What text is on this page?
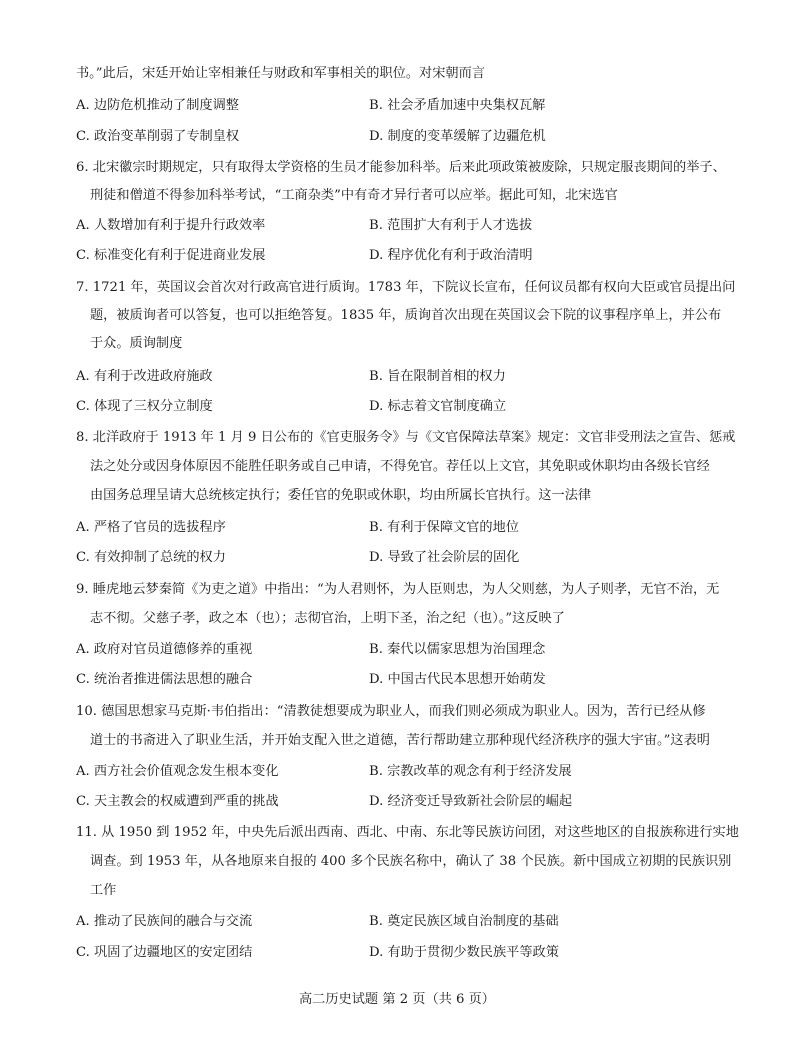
书。”此后，宋廷开始让宰相兼任与财政和军事相关的职位。对宋朝而言
A. 边防危机推动了制度调整	B. 社会矛盾加速中央集权瓦解
C. 政治变革削弱了专制皇权	D. 制度的变革缓解了边疆危机
6. 北宋徽宗时期规定，只有取得太学资格的生员才能参加科举。后来此项政策被废除，只规定服丧期间的举子、
刑徒和僧道不得参加科举考试，“工商杂类”中有奇才异行者可以应举。据此可知，北宋选官
A. 人数增加有利于提升行政效率	B. 范围扩大有利于人才选拔
C. 标准变化有利于促进商业发展	D. 程序优化有利于政治清明
7. 1721 年，英国议会首次对行政高官进行质询。1783 年，下院议长宣布，任何议员都有权向大臣或官员提出问
题，被质询者可以答复，也可以拒绝答复。1835 年，质询首次出现在英国议会下院的议事程序单上，并公布
于众。质询制度
A. 有利于改进政府施政	B. 旨在限制首相的权力
C. 体现了三权分立制度	D. 标志着文官制度确立
8. 北洋政府于 1913 年 1 月 9 日公布的《官吏服务令》与《文官保障法草案》规定：文官非受刑法之宣告、惩戒
法之处分或因身体原因不能胜任职务或自己申请，不得免官。荐任以上文官，其免职或休职均由各级长官经
由国务总理呈请大总统核定执行；委任官的免职或休职，均由所属长官执行。这一法律
A. 严格了官员的选拔程序	B. 有利于保障文官的地位
C. 有效抑制了总统的权力	D. 导致了社会阶层的固化
9. 睡虎地云梦秦简《为吏之道》中指出：“为人君则怀，为人臣则忠，为人父则慈，为人子则孝，无官不治，无
志不彻。父慈子孝，政之本（也）；志彻官治，上明下圣，治之纪（也）。”这反映了
A. 政府对官员道德修养的重视	B. 秦代以儒家思想为治国理念
C. 统治者推进儒法思想的融合	D. 中国古代民本思想开始萌发
10. 德国思想家马克斯·韦伯指出：“清教徒想要成为职业人，而我们则必须成为职业人。因为，苦行已经从修
道士的书斋进入了职业生活，并开始支配入世之道德，苦行帮助建立那种现代经济秩序的强大宇宙。”这表明
A. 西方社会价值观念发生根本变化	B. 宗教改革的观念有利于经济发展
C. 天主教会的权威遭到严重的挑战	D. 经济变迁导致新社会阶层的崛起
11. 从 1950 到 1952 年，中央先后派出西南、西北、中南、东北等民族访问团，对这些地区的自报族称进行实地
调查。到 1953 年，从各地原来自报的 400 多个民族名称中，确认了 38 个民族。新中国成立初期的民族识别
工作
A. 推动了民族间的融合与交流	B. 奠定民族区域自治制度的基础
C. 巩固了边疆地区的安定团结	D. 有助于贯彻少数民族平等政策
高二历史试题 第 2 页（共 6 页）
